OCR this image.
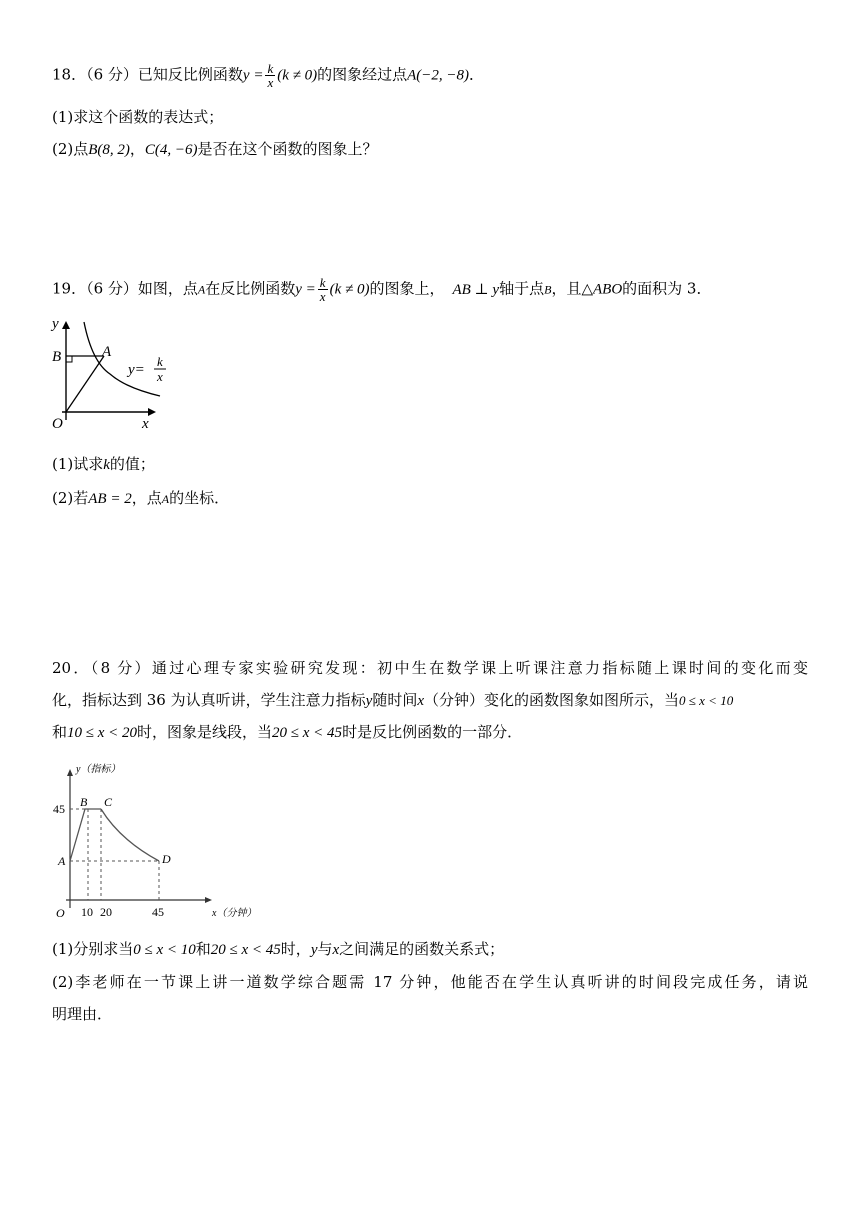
18．（6 分）已知反比例函数$y = \frac{k}{x} (k \ne 0)$的图象经过点A(−2, −8)．
(1)求这个函数的表达式；
(2)点B(8, 2)，C(4, −6)是否在这个函数的图象上？
19．（6 分）如图，点A在反比例函数$y = \frac{k}{x} (k \ne 0)$的图象上， AB ⊥ y轴于点B，且△ABO的面积为 3．
y
x
O
B	A
y=
k
x
(1)试求k的值；
(2)若AB = 2，点A的坐标．
20．（8 分）通过心理专家实验研究发现：初中生在数学课上听课注意力指标随上课时间的变化而变
化，指标达到 36 为认真听讲，学生注意力指标y随时间x（分钟）变化的函数图象如图所示，当0 ≤ x < 10
和10 ≤ x < 20时，图象是线段，当20 ≤ x < 45时是反比例函数的一部分．
y（指标）
45
A
B C
D
O 10 20	45	x（分钟）
(1)分别求当0 ≤ x < 10和20 ≤ x < 45时，y与x之间满足的函数关系式；
(2)李老师在一节课上讲一道数学综合题需 17 分钟，他能否在学生认真听讲的时间段完成任务，请说
明理由．
